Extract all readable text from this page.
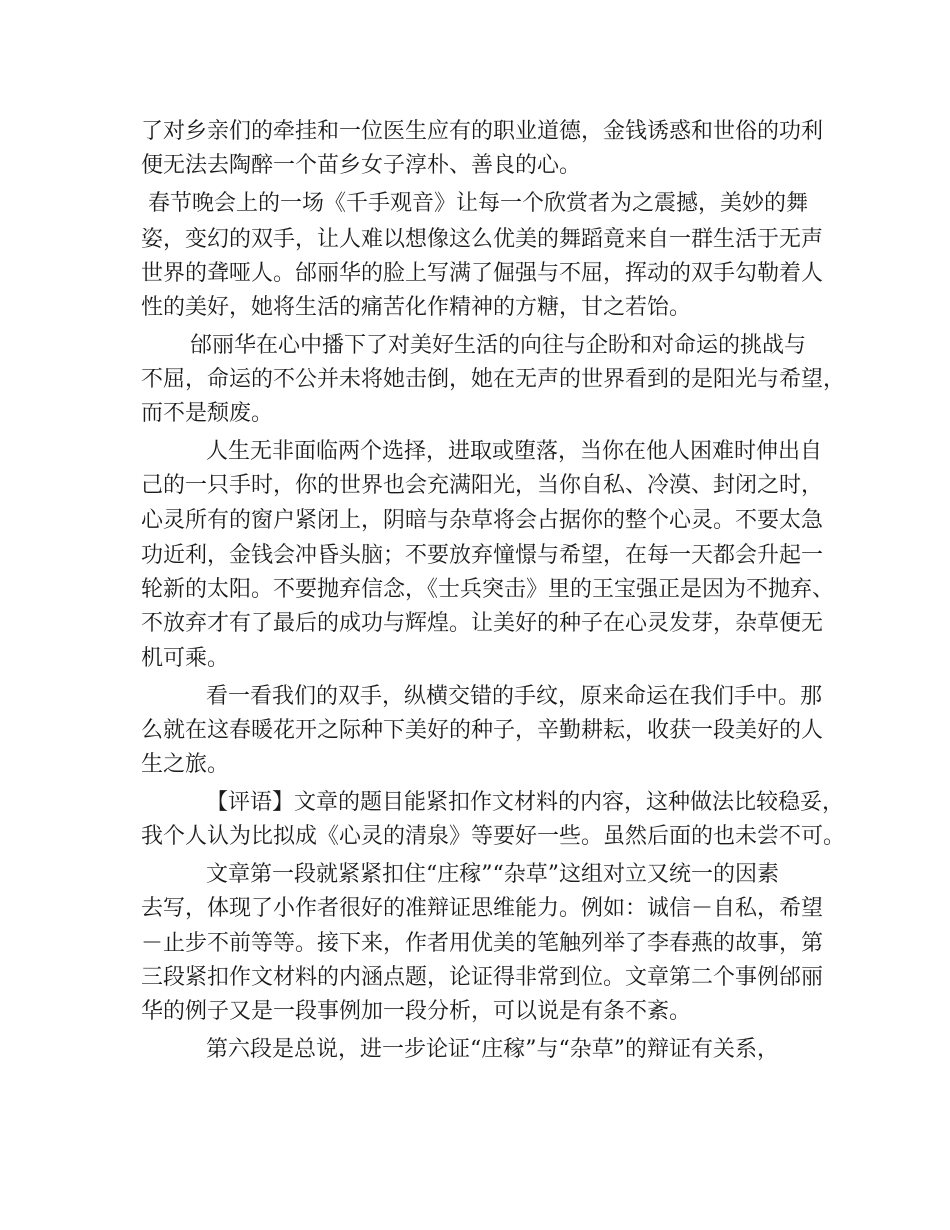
了对乡亲们的牵挂和一位医生应有的职业道德，金钱诱惑和世俗的功利
便无法去陶醉一个苗乡女子淳朴、善良的心。
春节晚会上的一场《千手观音》让每一个欣赏者为之震撼，美妙的舞
姿，变幻的双手，让人难以想像这么优美的舞蹈竟来自一群生活于无声
世界的聋哑人。邰丽华的脸上写满了倔强与不屈，挥动的双手勾勒着人
性的美好，她将生活的痛苦化作精神的方糖，甘之若饴。
邰丽华在心中播下了对美好生活的向往与企盼和对命运的挑战与
不屈，命运的不公并未将她击倒，她在无声的世界看到的是阳光与希望，
而不是颓废。
人生无非面临两个选择，进取或堕落，当你在他人困难时伸出自
己的一只手时，你的世界也会充满阳光，当你自私、冷漠、封闭之时，
心灵所有的窗户紧闭上，阴暗与杂草将会占据你的整个心灵。不要太急
功近利，金钱会冲昏头脑；不要放弃憧憬与希望，在每一天都会升起一
轮新的太阳。不要抛弃信念，《士兵突击》里的王宝强正是因为不抛弃、
不放弃才有了最后的成功与辉煌。让美好的种子在心灵发芽，杂草便无
机可乘。
看一看我们的双手，纵横交错的手纹，原来命运在我们手中。那
么就在这春暖花开之际种下美好的种子，辛勤耕耘，收获一段美好的人
生之旅。
【评语】文章的题目能紧扣作文材料的内容，这种做法比较稳妥，
我个人认为比拟成《心灵的清泉》等要好一些。虽然后面的也未尝不可。
文章第一段就紧紧扣住“庄稼”“杂草”这组对立又统一的因素
去写，体现了小作者很好的准辩证思维能力。例如：诚信－自私，希望
－止步不前等等。接下来，作者用优美的笔触列举了李春燕的故事，第
三段紧扣作文材料的内涵点题，论证得非常到位。文章第二个事例邰丽
华的例子又是一段事例加一段分析，可以说是有条不紊。
第六段是总说，进一步论证“庄稼”与“杂草”的辩证有关系，
